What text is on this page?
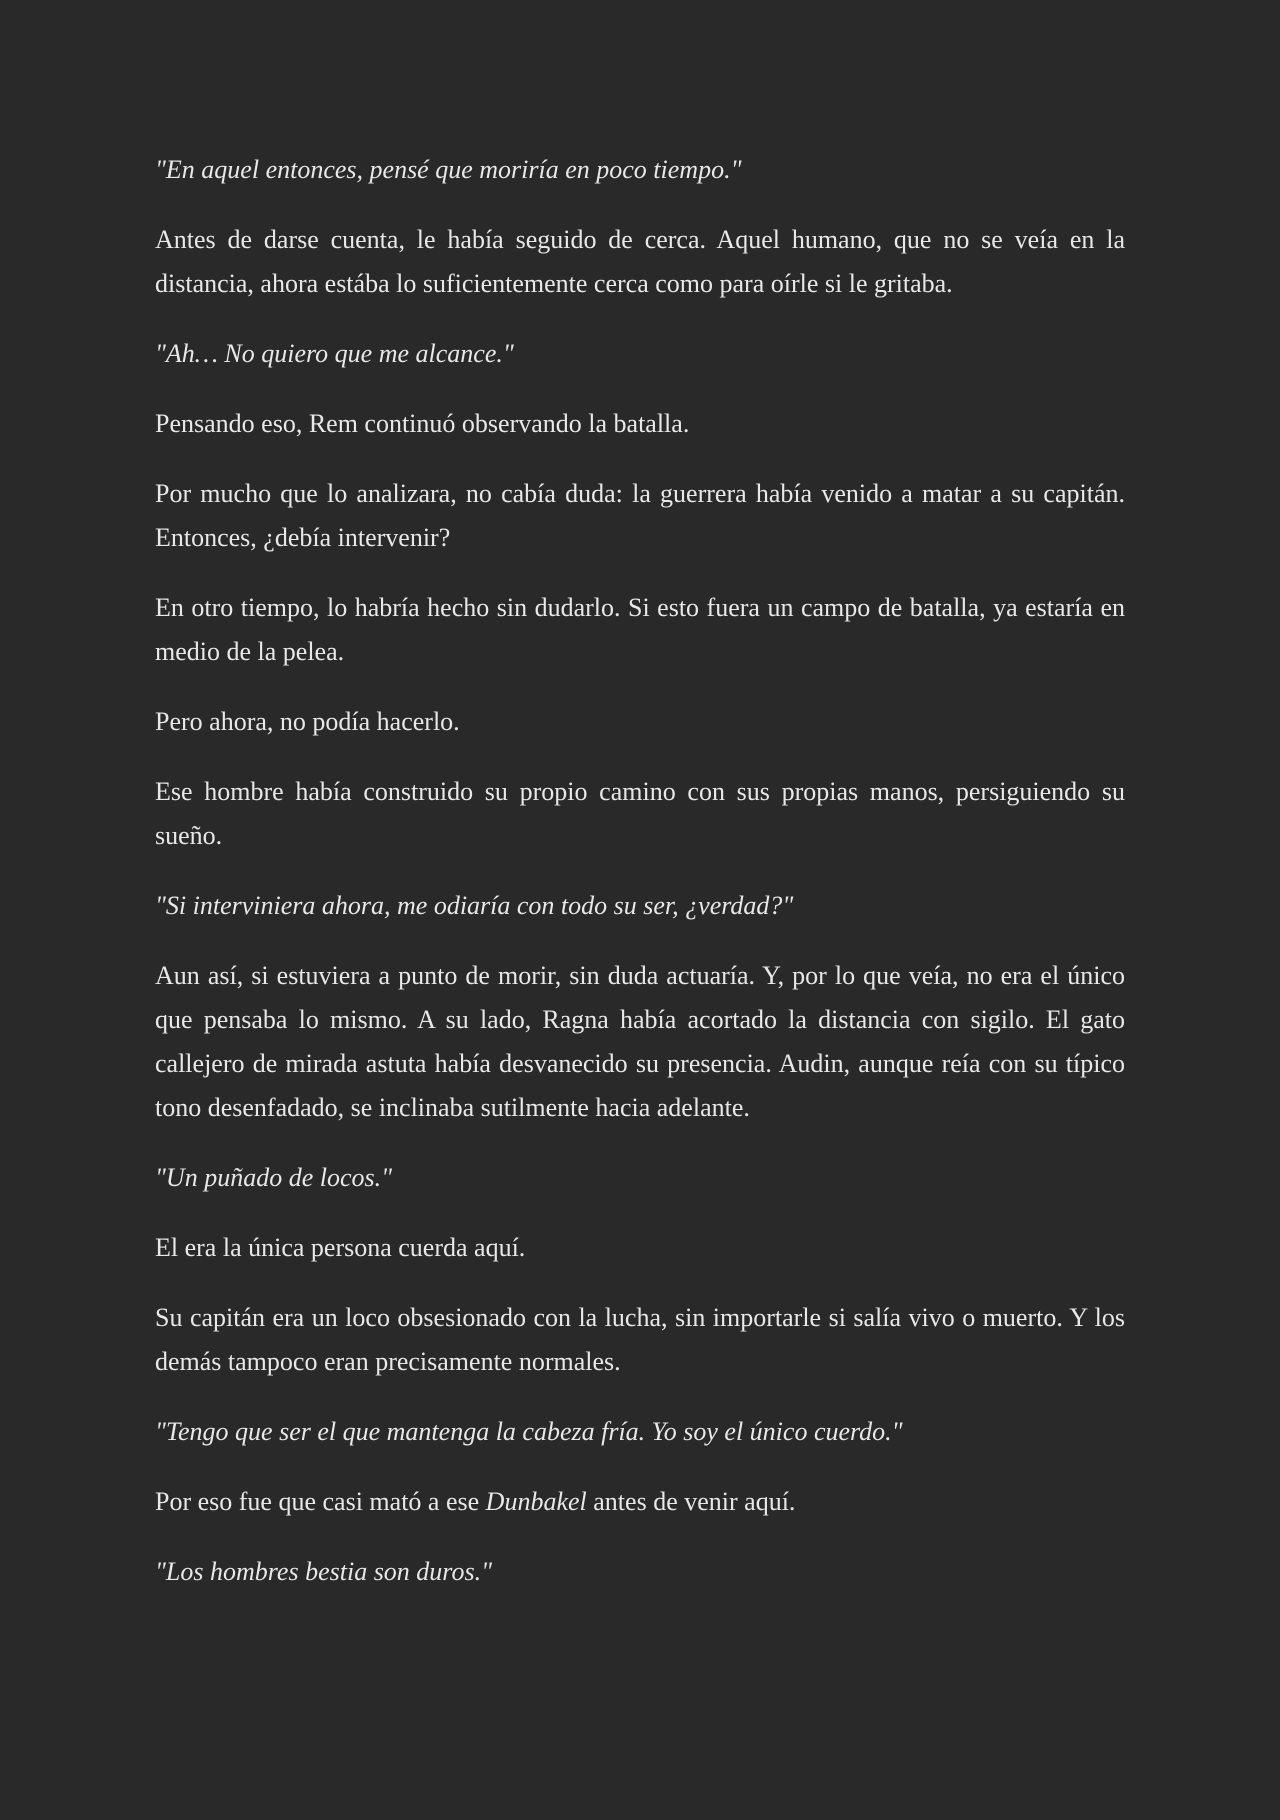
"En aquel entonces, pensé que moriría en poco tiempo."

Antes de darse cuenta, le había seguido de cerca. Aquel humano, que no se veía en la distancia, ahora estába lo suficientemente cerca como para oírle si le gritaba.

"Ah… No quiero que me alcance."

Pensando eso, Rem continuó observando la batalla.

Por mucho que lo analizara, no cabía duda: la guerrera había venido a matar a su capitán. Entonces, ¿debía intervenir?

En otro tiempo, lo habría hecho sin dudarlo. Si esto fuera un campo de batalla, ya estaría en medio de la pelea.

Pero ahora, no podía hacerlo.

Ese hombre había construido su propio camino con sus propias manos, persiguiendo su sueño.

"Si interviniera ahora, me odiaría con todo su ser, ¿verdad?"

Aun así, si estuviera a punto de morir, sin duda actuaría. Y, por lo que veía, no era el único que pensaba lo mismo. A su lado, Ragna había acortado la distancia con sigilo. El gato callejero de mirada astuta había desvanecido su presencia. Audin, aunque reía con su típico tono desenfadado, se inclinaba sutilmente hacia adelante.

"Un puñado de locos."

El era la única persona cuerda aquí.

Su capitán era un loco obsesionado con la lucha, sin importarle si salía vivo o muerto. Y los demás tampoco eran precisamente normales.

"Tengo que ser el que mantenga la cabeza fría. Yo soy el único cuerdo."

Por eso fue que casi mató a ese Dunbakel antes de venir aquí.

"Los hombres bestia son duros."
